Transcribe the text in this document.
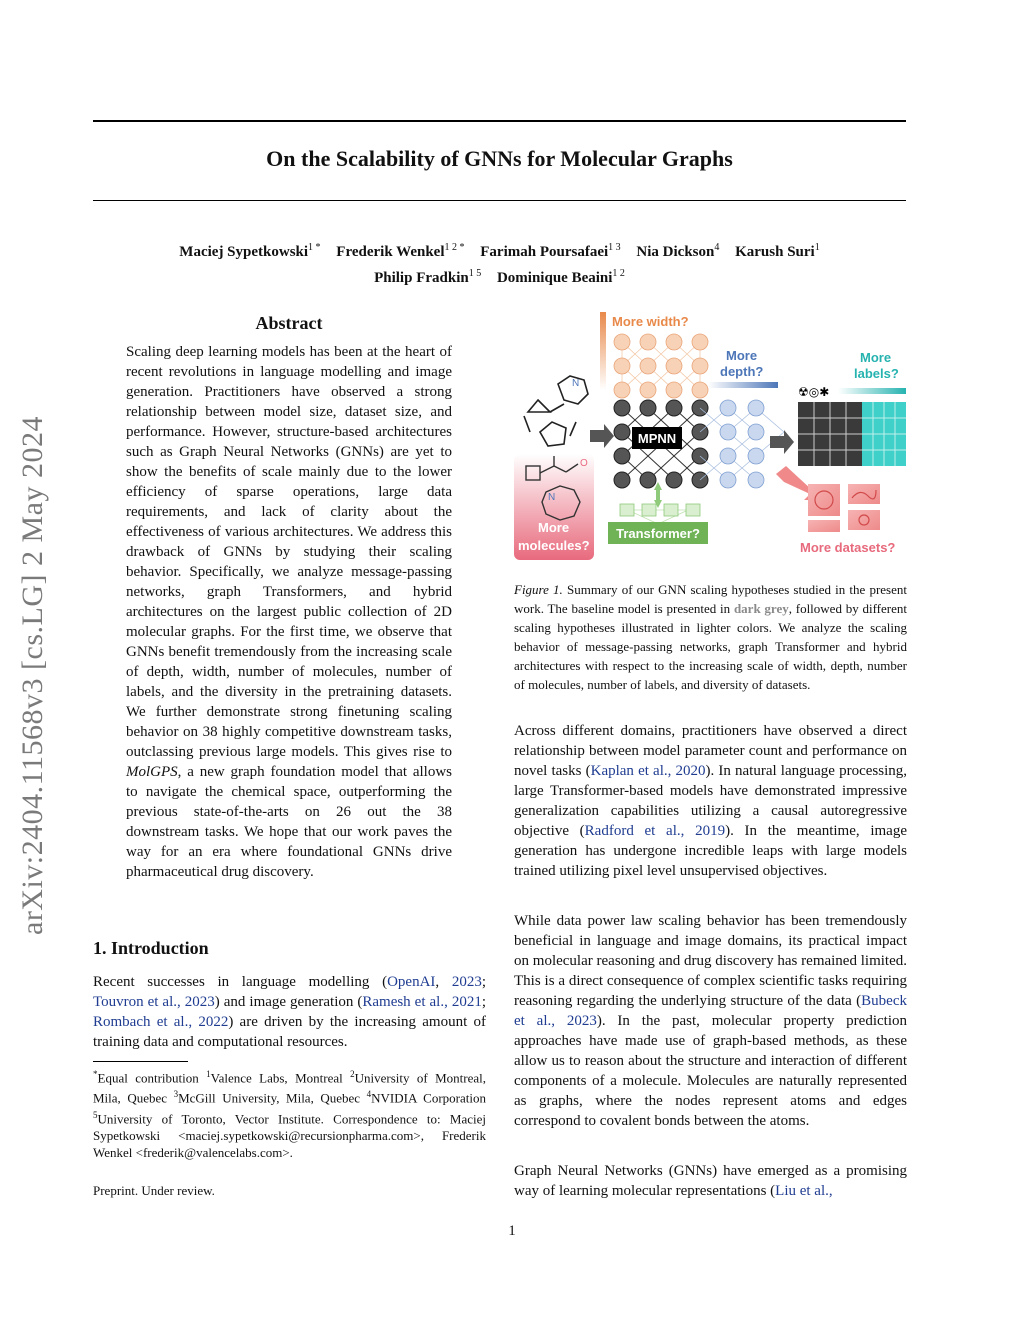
arXiv:2404.11568v3 [cs.LG] 2 May 2024
On the Scalability of GNNs for Molecular Graphs
Maciej Sypetkowski$^{1 *}$ Frederik Wenkel$^{1 2 *}$ Farimah Poursafaei$^{1 3}$ Nia Dickson$^4$ Karush Suri$^1$
Philip Fradkin$^{1 5}$ Dominique Beaini$^{1 2}$
Abstract
Scaling deep learning models has been at the heart of recent revolutions in language modelling and image generation. Practitioners have observed a strong relationship between model size, dataset size, and performance. However, structure-based architectures such as Graph Neural Networks (GNNs) are yet to show the benefits of scale mainly due to the lower efficiency of sparse operations, large data requirements, and lack of clarity about the effectiveness of various architectures. We address this drawback of GNNs by studying their scaling behavior. Specifically, we analyze message-passing networks, graph Transformers, and hybrid architectures on the largest public collection of 2D molecular graphs. For the first time, we observe that GNNs benefit tremendously from the increasing scale of depth, width, number of molecules, number of labels, and the diversity in the pretraining datasets. We further demonstrate strong finetuning scaling behavior on 38 highly competitive downstream tasks, outclassing previous large models. This gives rise to MolGPS, a new graph foundation model that allows to navigate the chemical space, outperforming the previous state-of-the-arts on 26 out the 38 downstream tasks. We hope that our work paves the way for an era where foundational GNNs drive pharmaceutical drug discovery.
1. Introduction
Recent successes in language modelling (OpenAI, 2023; Touvron et al., 2023) and image generation (Ramesh et al., 2021; Rombach et al., 2022) are driven by the increasing amount of training data and computational resources.
*Equal contribution $^1$Valence Labs, Montreal $^2$University of Montreal, Mila, Quebec $^3$McGill University, Mila, Quebec $^4$NVIDIA Corporation $^5$University of Toronto, Vector Institute. Correspondence to: Maciej Sypetkowski <maciej.sypetkowski@recursionpharma.com>, Frederik Wenkel <frederik@valencelabs.com>.
Preprint. Under review.
More width?
More
depth?
More
labels?
N
O
N
More
molecules?
MPNN
☢◎✱
More datasets?
Transformer?
Figure 1. Summary of our GNN scaling hypotheses studied in the present work. The baseline model is presented in dark grey, followed by different scaling hypotheses illustrated in lighter colors. We analyze the scaling behavior of message-passing networks, graph Transformer and hybrid architectures with respect to the increasing scale of width, depth, number of molecules, number of labels, and diversity of datasets.
Across different domains, practitioners have observed a direct relationship between model parameter count and performance on novel tasks (Kaplan et al., 2020). In natural language processing, large Transformer-based models have demonstrated impressive generalization capabilities utilizing a causal autoregressive objective (Radford et al., 2019). In the meantime, image generation has undergone incredible leaps with large models trained utilizing pixel level unsupervised objectives.
While data power law scaling behavior has been tremendously beneficial in language and image domains, its practical impact on molecular reasoning and drug discovery has remained limited. This is a direct consequence of complex scientific tasks requiring reasoning regarding the underlying structure of the data (Bubeck et al., 2023). In the past, molecular property prediction approaches have made use of graph-based methods, as these allow us to reason about the structure and interaction of different components of a molecule. Molecules are naturally represented as graphs, where the nodes represent atoms and edges correspond to covalent bonds between the atoms.
Graph Neural Networks (GNNs) have emerged as a promising way of learning molecular representations (Liu et al.,
1
